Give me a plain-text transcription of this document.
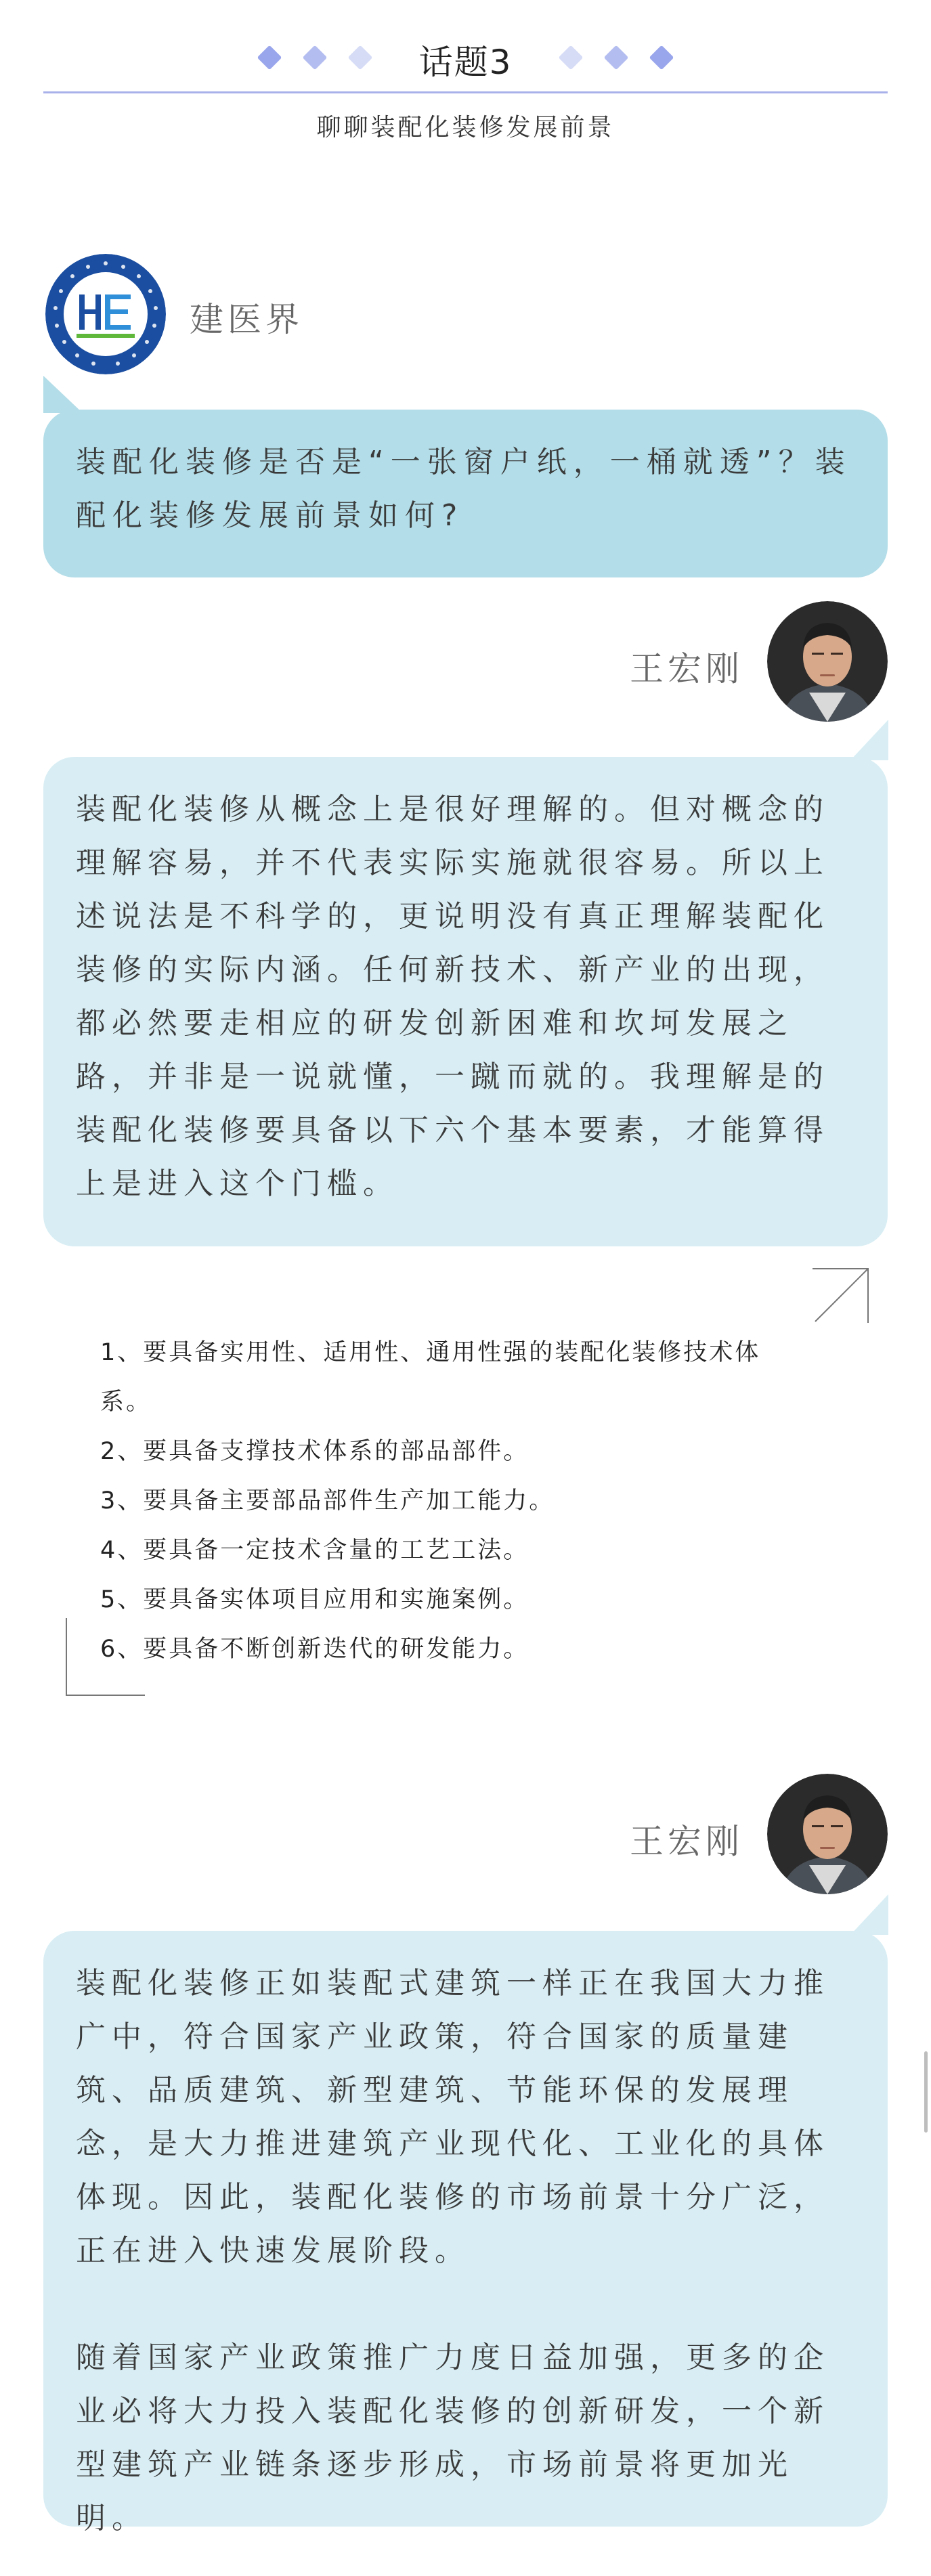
话题3
聊聊装配化装修发展前景
建医界

装配化装修是否是“一张窗户纸，一桶就透”？装配化装修发展前景如何?

王宏刚

装配化装修从概念上是很好理解的。但对概念的理解容易，并不代表实际实施就很容易。所以上述说法是不科学的，更说明没有真正理解装配化装修的实际内涵。任何新技术、新产业的出现，都必然要走相应的研发创新困难和坎坷发展之路，并非是一说就懂，一蹴而就的。我理解是的装配化装修要具备以下六个基本要素，才能算得上是进入这个门槛。

1、要具备实用性、适用性、通用性强的装配化装修技术体
系。
2、要具备支撑技术体系的部品部件。
3、要具备主要部品部件生产加工能力。
4、要具备一定技术含量的工艺工法。
5、要具备实体项目应用和实施案例。
6、要具备不断创新迭代的研发能力。
王宏刚

装配化装修正如装配式建筑一样正在我国大力推广中，符合国家产业政策，符合国家的质量建筑、品质建筑、新型建筑、节能环保的发展理念，是大力推进建筑产业现代化、工业化的具体体现。因此，装配化装修的市场前景十分广泛，正在进入快速发展阶段。

随着国家产业政策推广力度日益加强，更多的企业必将大力投入装配化装修的创新研发，一个新型建筑产业链条逐步形成，市场前景将更加光明。
